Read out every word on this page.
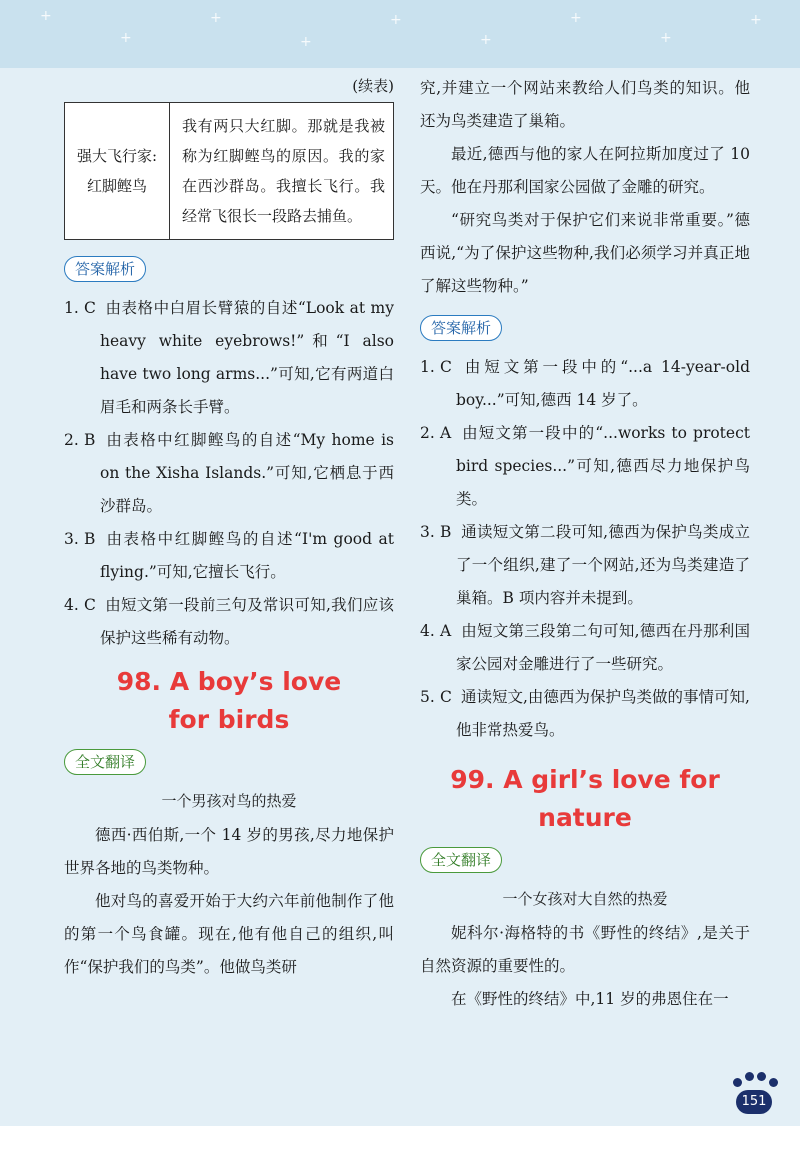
+
+
+
+
+
+
+
+
+

(续表)

强大飞行家:
红脚鲣鸟
	我有两只大红脚。那就是我被称为红脚鲣鸟的原因。我的家在西沙群岛。我擅长飞行。我经常飞很长一段路去捕鱼。
答案解析

1. C 由表格中白眉长臂猿的自述“Look at my heavy white eyebrows!”和“I also have two long arms...”可知,它有两道白眉毛和两条长手臂。

2. B 由表格中红脚鲣鸟的自述“My home is on the Xisha Islands.”可知,它栖息于西沙群岛。

3. B 由表格中红脚鲣鸟的自述“I'm good at flying.”可知,它擅长飞行。

4. C 由短文第一段前三句及常识可知,我们应该保护这些稀有动物。

98. A boy’s love
for birds
全文翻译

一个男孩对鸟的热爱

德西·西伯斯,一个 14 岁的男孩,尽力地保护世界各地的鸟类物种。

他对鸟的喜爱开始于大约六年前他制作了他的第一个鸟食罐。现在,他有他自己的组织,叫作“保护我们的鸟类”。他做鸟类研

究,并建立一个网站来教给人们鸟类的知识。他还为鸟类建造了巢箱。

最近,德西与他的家人在阿拉斯加度过了 10 天。他在丹那利国家公园做了金雕的研究。

“研究鸟类对于保护它们来说非常重要。”德西说,“为了保护这些物种,我们必须学习并真正地了解这些物种。”

答案解析

1. C 由短文第一段中的“...a 14-year-old boy...”可知,德西 14 岁了。

2. A 由短文第一段中的“...works to protect bird species...”可知,德西尽力地保护鸟类。

3. B 通读短文第二段可知,德西为保护鸟类成立了一个组织,建了一个网站,还为鸟类建造了巢箱。B 项内容并未提到。

4. A 由短文第三段第二句可知,德西在丹那利国家公园对金雕进行了一些研究。

5. C 通读短文,由德西为保护鸟类做的事情可知,他非常热爱鸟。

99. A girl’s love for
nature
全文翻译

一个女孩对大自然的热爱

妮科尔·海格特的书《野性的终结》,是关于自然资源的重要性的。

在《野性的终结》中,11 岁的弗恩住在一

151
